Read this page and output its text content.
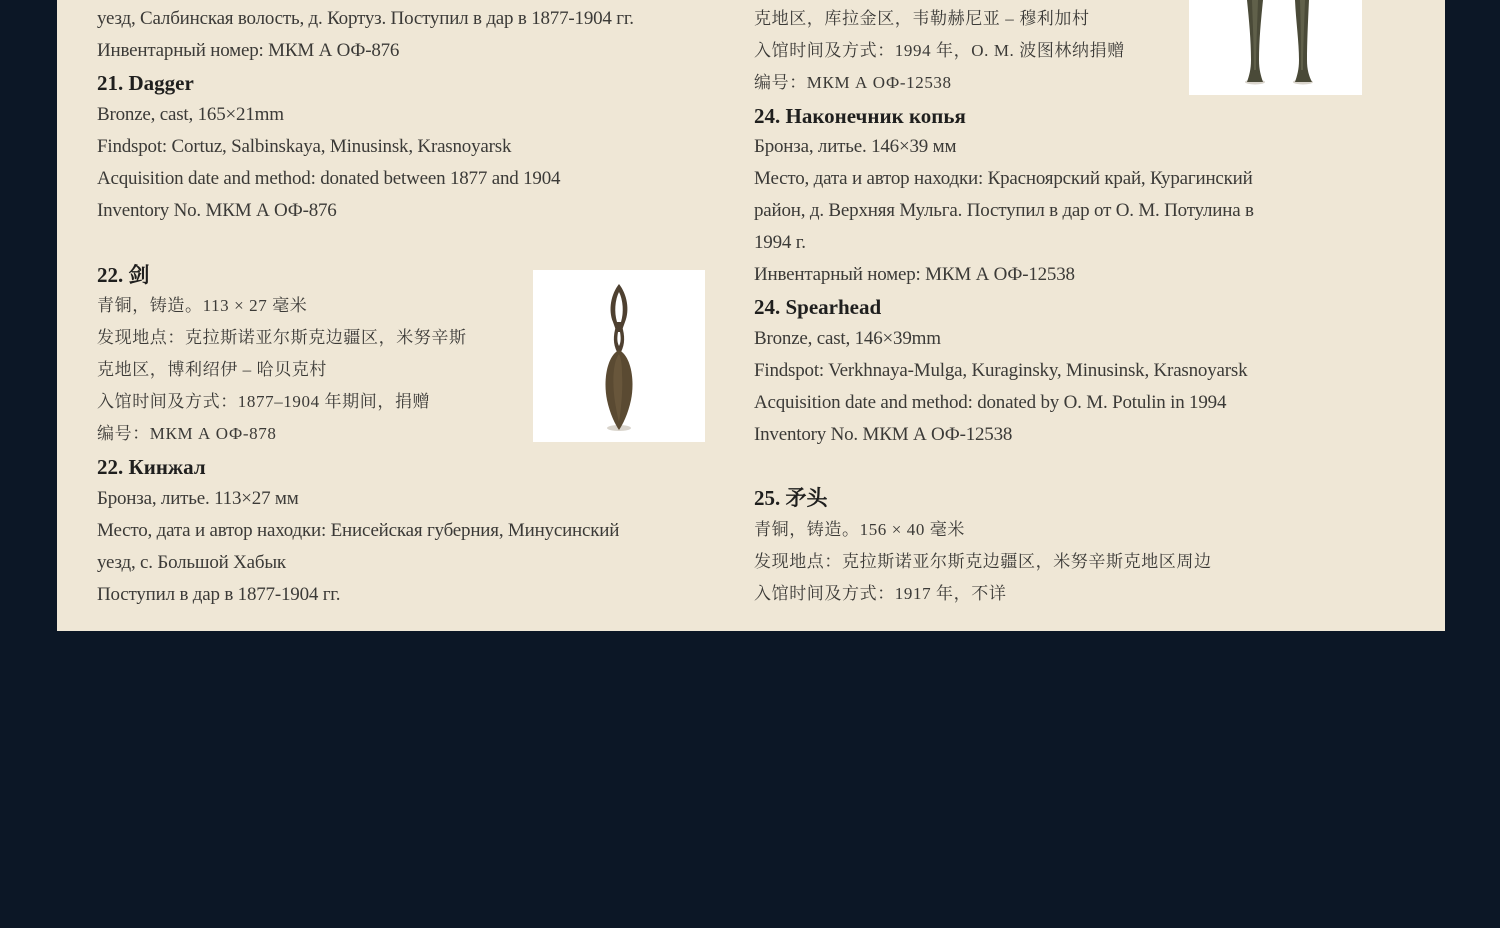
уезд, Салбинская волость, д. Кортуз. Поступил в дар в 1877-1904 гг.
Инвентарный номер: МКМ А ОФ-876
21. Dagger
Bronze, cast, 165×21mm
Findspot: Cortuz, Salbinskaya, Minusinsk, Krasnoyarsk
Acquisition date and method: donated between 1877 and 1904
Inventory No. МКМ А ОФ-876
22. 剑
青铜，铸造。113 × 27 毫米
发现地点：克拉斯诺亚尔斯克边疆区，米努辛斯
克地区，博利绍伊 – 哈贝克村
入馆时间及方式：1877–1904 年期间，捐赠
编号：МКМ А ОФ-878
22. Кинжал
Бронза, литье. 113×27 мм
Место, дата и автор находки: Енисейская губерния, Минусинский
уезд, с. Большой Хабык
Поступил в дар в 1877-1904 гг.
克地区，库拉金区，韦勒赫尼亚 – 穆利加村
入馆时间及方式：1994 年，О. М. 波图林纳捐赠
编号：МКМ А ОФ-12538
24. Наконечник копья
Бронза, литье. 146×39 мм
Место, дата и автор находки: Красноярский край, Курагинский
район, д. Верхняя Мульга. Поступил в дар от О. М. Потулина в
1994 г.
Инвентарный номер: МКМ А ОФ-12538
24. Spearhead
Bronze, cast, 146×39mm
Findspot: Verkhnaya-Mulga, Kuraginsky, Minusinsk, Krasnoyarsk
Acquisition date and method: donated by O. M. Potulin in 1994
Inventory No. МКМ А ОФ-12538
25. 矛头
青铜，铸造。156 × 40 毫米
发现地点：克拉斯诺亚尔斯克边疆区，米努辛斯克地区周边
入馆时间及方式：1917 年，不详
